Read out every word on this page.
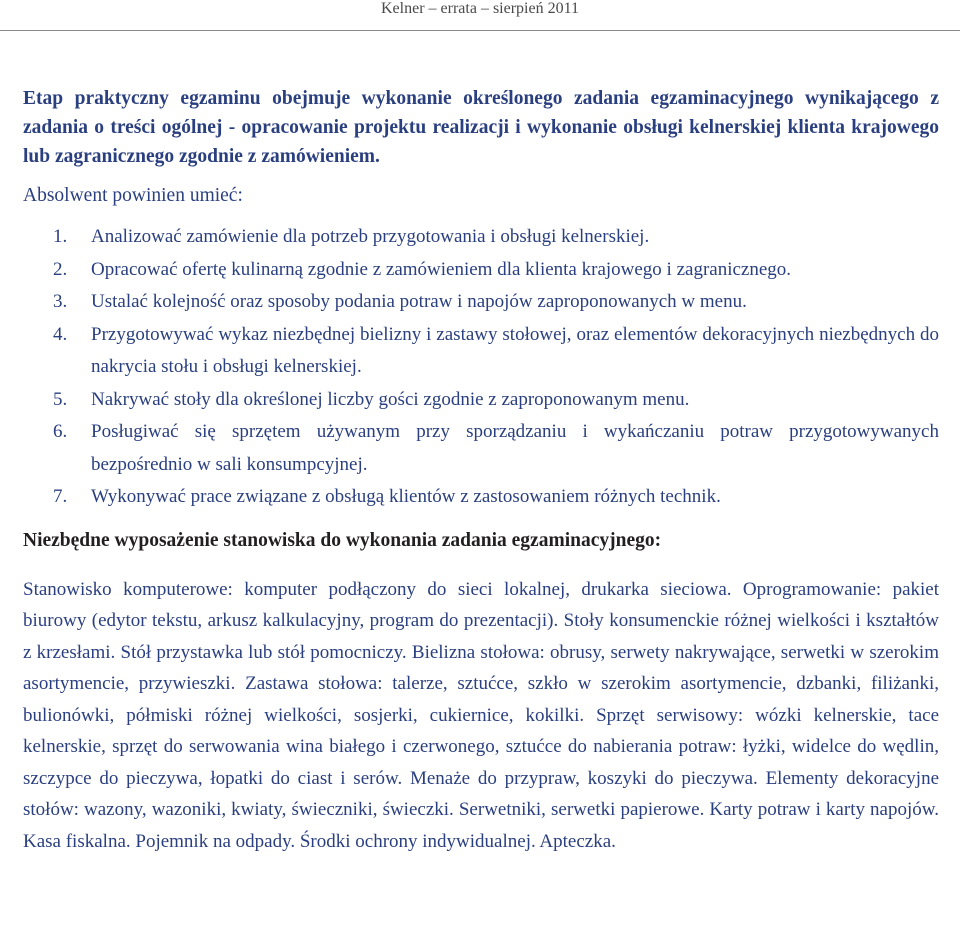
Kelner – errata – sierpień 2011

Etap praktyczny egzaminu obejmuje wykonanie określonego zadania egzaminacyjnego wynikającego z zadania o treści ogólnej - opracowanie projektu realizacji i wykonanie obsługi kelnerskiej klienta krajowego lub zagranicznego zgodnie z zamówieniem.

Absolwent powinien umieć:

1.	Analizować zamówienie dla potrzeb przygotowania i obsługi kelnerskiej.
2.	Opracować ofertę kulinarną zgodnie z zamówieniem dla klienta krajowego i zagranicznego.
3.	Ustalać kolejność oraz sposoby podania potraw i napojów zaproponowanych w menu.
4.	Przygotowywać wykaz niezbędnej bielizny i zastawy stołowej, oraz elementów dekoracyjnych niezbędnych do nakrycia stołu i obsługi kelnerskiej.
5.	Nakrywać stoły dla określonej liczby gości zgodnie z zaproponowanym menu.
6.	Posługiwać się sprzętem używanym przy sporządzaniu i wykańczaniu potraw przygotowywanych bezpośrednio w sali konsumpcyjnej.
7.	Wykonywać prace związane z obsługą klientów z zastosowaniem różnych technik.

Niezbędne wyposażenie stanowiska do wykonania zadania egzaminacyjnego:

Stanowisko komputerowe: komputer podłączony do sieci lokalnej, drukarka sieciowa. Oprogramowanie: pakiet biurowy (edytor tekstu, arkusz kalkulacyjny, program do prezentacji). Stoły konsumenckie różnej wielkości i kształtów z krzesłami. Stół przystawka lub stół pomocniczy. Bielizna stołowa: obrusy, serwety nakrywające, serwetki w szerokim asortymencie, przywieszki. Zastawa stołowa: talerze, sztućce, szkło w szerokim asortymencie, dzbanki, filiżanki, bulionówki, półmiski różnej wielkości, sosjerki, cukiernice, kokilki. Sprzęt serwisowy: wózki kelnerskie, tace kelnerskie, sprzęt do serwowania wina białego i czerwonego, sztućce do nabierania potraw: łyżki, widelce do wędlin, szczypce do pieczywa, łopatki do ciast i serów. Menaże do przypraw, koszyki do pieczywa. Elementy dekoracyjne stołów: wazony, wazoniki, kwiaty, świeczniki, świeczki. Serwetniki, serwetki papierowe. Karty potraw i karty napojów. Kasa fiskalna. Pojemnik na odpady. Środki ochrony indywidualnej. Apteczka.
